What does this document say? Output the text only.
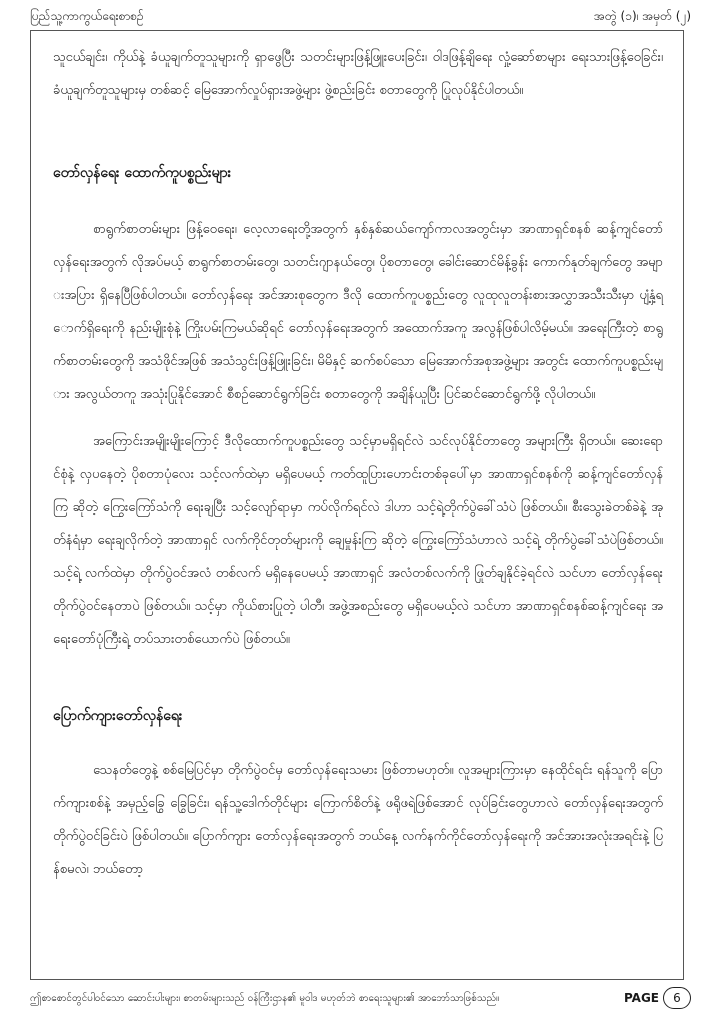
ပြည်သူ့ကာကွယ်ရေးစာစဉ်	အတွဲ (၁)၊ အမှတ် (၂)

သူငယ်ချင်း၊ ကိုယ်နဲ့ ခံယူချက်တူသူများကို ရှာဖွေပြီး သတင်းများဖြန့်ဖြူးပေးခြင်း၊ ဝါဒဖြန့်ချိရေး လှုံ့ဆော်စာများ ရေးသားဖြန့်ဝေခြင်း၊ ခံယူချက်တူသူများမှ တစ်ဆင့် မြေအောက်လှုပ်ရှားအဖွဲ့များ ဖွဲ့စည်းခြင်း စတာတွေကို ပြုလုပ်နိုင်ပါတယ်။

တော်လှန်ရေး ထောက်ကူပစ္စည်းများ

စာရွက်စာတမ်းများ ဖြန့်ဝေရေး၊ လေ့လာရေးတို့အတွက် နှစ်နှစ်ဆယ်ကျော်ကာလအတွင်းမှာ အာဏာရှင်စနစ် ဆန့်ကျင်တော်လှန်ရေးအတွက် လိုအပ်မယ့် စာရွက်စာတမ်းတွေ၊ သတင်းဂျာနယ်တွေ၊ ပိုစတာတွေ၊ ခေါင်းဆောင်မိန့်ခွန်း ကောက်နုတ်ချက်တွေ အများအပြား ရှိနေပြီဖြစ်ပါတယ်။ တော်လှန်ရေး အင်အားစုတွေက ဒီလို ထောက်ကူပစ္စည်းတွေ လူထုလူတန်းစားအလွှာအသီးသီးမှာ ပျံ့နှံ့ရောက်ရှိရေးကို နည်းမျိုးစုံနဲ့ ကြိုးပမ်းကြမယ်ဆိုရင် တော်လှန်ရေးအတွက် အထောက်အကူ အလွန်ဖြစ်ပါလိမ့်မယ်။ အရေးကြီးတဲ့ စာရွက်စာတမ်းတွေကို အသံဖိုင်အဖြစ် အသံသွင်းဖြန့်ဖြူးခြင်း၊ မိမိနှင့် ဆက်စပ်သော မြေအောက်အစုအဖွဲ့များ အတွင်း ထောက်ကူပစ္စည်းများ အလွယ်တကူ အသုံးပြုနိုင်အောင် စီစဉ်ဆောင်ရွက်ခြင်း စတာတွေကို အချိန်ယူပြီး ပြင်ဆင်ဆောင်ရွက်ဖို့ လိုပါတယ်။

အကြောင်းအမျိုးမျိုးကြောင့် ဒီလိုထောက်ကူပစ္စည်းတွေ သင့်မှာမရှိရင်လဲ သင်လုပ်နိုင်တာတွေ အများကြီး ရှိတယ်။ ဆေးရောင်စုံနဲ့ လှပနေတဲ့ ပိုစတာပုံလေး သင့်လက်ထဲမှာ မရှိပေမယ့် ကတ်ထူပြားဟောင်းတစ်ခုပေါ်မှာ အာဏာရှင်စနစ်ကို ဆန့်ကျင်တော်လှန်ကြ ဆိုတဲ့ ကြွေးကြော်သံကို ရေးချပြီး သင့်လျော်ရာမှာ ကပ်လိုက်ရင်လဲ ဒါဟာ သင့်ရဲ့တိုက်ပွဲခေါ်သံပဲ ဖြစ်တယ်။ စီးသွေးခဲတစ်ခဲနဲ့ အုတ်နံရံမှာ ရေးချလိုက်တဲ့ အာဏာရှင် လက်ကိုင်တုတ်များကို ချေမှုန်းကြ ဆိုတဲ့ ကြွေးကြော်သံဟာလဲ သင့်ရဲ့ တိုက်ပွဲခေါ်သံပဲဖြစ်တယ်။ သင့်ရဲ့ လက်ထဲမှာ တိုက်ပွဲဝင်အလံ တစ်လက် မရှိနေပေမယ့် အာဏာရှင် အလံတစ်လက်ကို ဖြုတ်ချနိုင်ခဲ့ရင်လဲ သင်ဟာ တော်လှန်ရေးတိုက်ပွဲဝင်နေတာပဲ ဖြစ်တယ်။ သင့်မှာ ကိုယ်စားပြုတဲ့ ပါတီ၊ အဖွဲ့အစည်းတွေ မရှိပေမယ့်လဲ သင်ဟာ အာဏာရှင်စနစ်ဆန့်ကျင်ရေး အရေးတော်ပုံကြီးရဲ့ တပ်သားတစ်ယောက်ပဲ ဖြစ်တယ်။

ပြောက်ကျားတော်လှန်ရေး

သေနတ်တွေနဲ့ စစ်မြေပြင်မှာ တိုက်ပွဲဝင်မှ တော်လှန်ရေးသမား ဖြစ်တာမဟုတ်။ လူအများကြားမှာ နေထိုင်ရင်း ရန်သူကို ပြောက်ကျားစစ်နဲ့ အမှည့်ခြွေ ခြွေခြင်း၊ ရန်သူ့ဒေါက်တိုင်များ ကြောက်စိတ်နဲ့ ဖရိုဖရဲဖြစ်အောင် လုပ်ခြင်းတွေဟာလဲ တော်လှန်ရေးအတွက် တိုက်ပွဲဝင်ခြင်းပဲ ဖြစ်ပါတယ်။ ပြောက်ကျား တော်လှန်ရေးအတွက် ဘယ်နေ့ လက်နက်ကိုင်တော်လှန်ရေးကို အင်အားအလုံးအရင်းနဲ့ ပြန်စမလဲ၊ ဘယ်တော့

ဤစာစောင်တွင်ပါဝင်သော ဆောင်းပါးများ၊ စာတမ်းများသည် ဝန်ကြီးဌာန၏ မူဝါဒ မဟုတ်ဘဲ စာရေးသူများ၏ အာဘော်သာဖြစ်သည်။	PAGE	6
